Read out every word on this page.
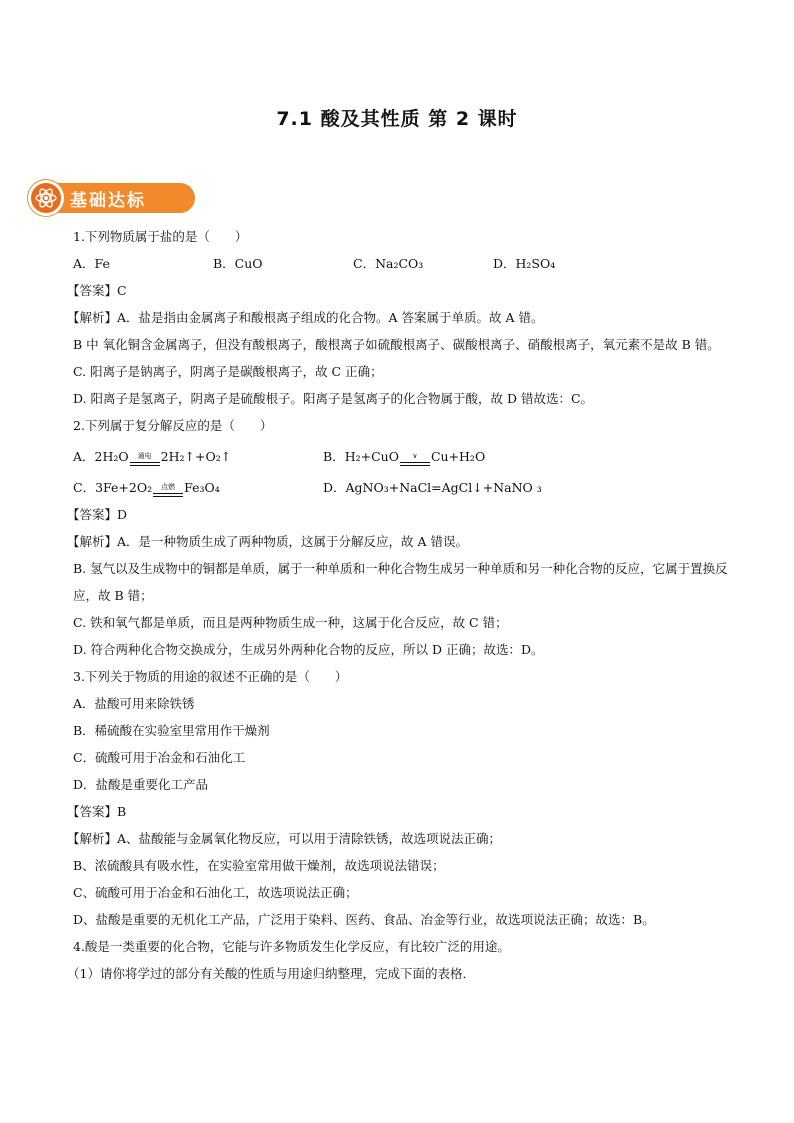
7.1 酸及其性质 第 2 课时
基础达标
1.下列物质属于盐的是（　　）
A．Fe	B．CuO	C．Na₂CO₃	D．H₂SO₄
【答案】C
【解析】A．盐是指由金属离子和酸根离子组成的化合物。A 答案属于单质。故 A 错。
B 中 氧化铜含金属离子，但没有酸根离子，酸根离子如硫酸根离子、碳酸根离子、硝酸根离子，氧元素不是故 B 错。
C. 阳离子是钠离子，阴离子是碳酸根离子，故 C 正确；
D. 阳离子是氢离子，阴离子是硫酸根子。阳离子是氢离子的化合物属于酸，故 D 错故选：C。
2.下列属于复分解反应的是（　　）
A． 2H₂O 通电 2H₂↑+O₂↑	B． H₂+CuO ∨ Cu+H₂O
C． 3Fe+2O₂ 点燃 Fe₃O₄	D．AgNO₃+NaCl=AgCl↓+NaNO ₃
【答案】D
【解析】A．是一种物质生成了两种物质，这属于分解反应，故 A 错误。
B. 氢气以及生成物中的铜都是单质，属于一种单质和一种化合物生成另一种单质和另一种化合物的反应，它属于置换反应，故 B 错；
C. 铁和氧气都是单质，而且是两种物质生成一种，这属于化合反应，故 C 错；
D. 符合两种化合物交换成分，生成另外两种化合物的反应，所以 D 正确；故选：D。
3.下列关于物质的用途的叙述不正确的是（　　）
A．盐酸可用来除铁锈
B．稀硫酸在实验室里常用作干燥剂
C．硫酸可用于冶金和石油化工
D．盐酸是重要化工产品
【答案】B
【解析】A、盐酸能与金属氧化物反应，可以用于清除铁锈，故选项说法正确；
B、浓硫酸具有吸水性，在实验室常用做干燥剂，故选项说法错误；
C、硫酸可用于冶金和石油化工，故选项说法正确；
D、盐酸是重要的无机化工产品，广泛用于染料、医药、食品、冶金等行业，故选项说法正确；故选：B。
4.酸是一类重要的化合物，它能与许多物质发生化学反应，有比较广泛的用途。
（1）请你将学过的部分有关酸的性质与用途归纳整理，完成下面的表格．
